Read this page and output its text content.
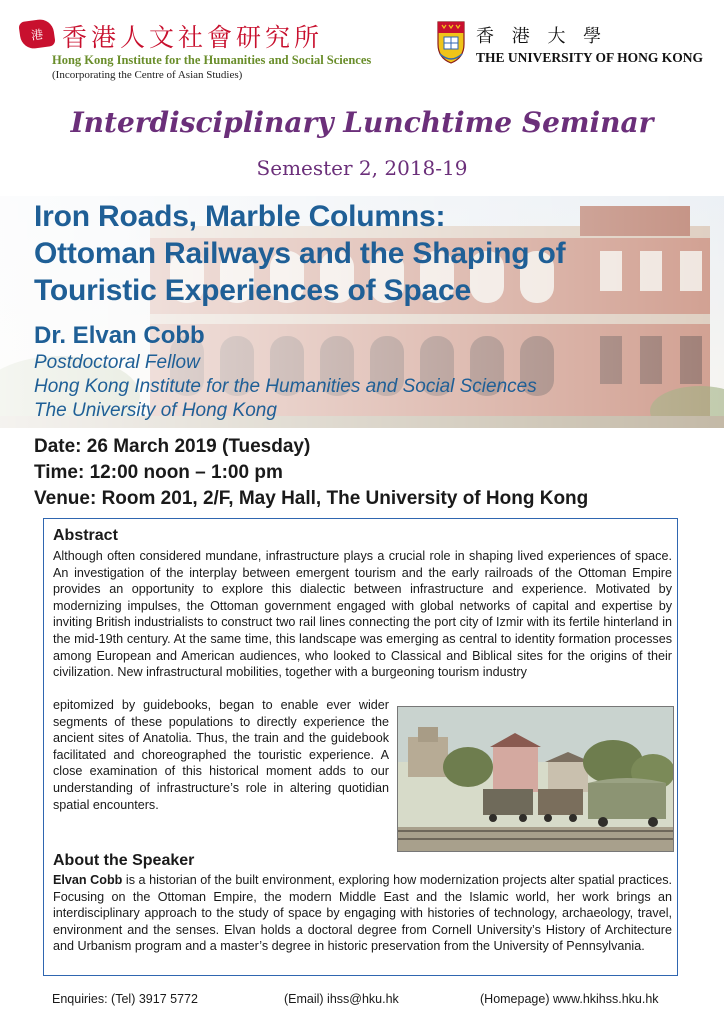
港 香港人文社會研究所
Hong Kong Institute for the Humanities and Social Sciences
(Incorporating the Centre of Asian Studies)
香 港 大 學
THE UNIVERSITY OF HONG KONG
Interdisciplinary Lunchtime Seminar
Semester 2, 2018-19
Iron Roads, Marble Columns:
Ottoman Railways and the Shaping of
Touristic Experiences of Space
Dr. Elvan Cobb
Postdoctoral Fellow
Hong Kong Institute for the Humanities and Social Sciences
The University of Hong Kong
Date: 26 March 2019 (Tuesday)
Time: 12:00 noon – 1:00 pm
Venue: Room 201, 2/F, May Hall, The University of Hong Kong
Abstract

Although often considered mundane, infrastructure plays a crucial role in shaping lived experiences of space. An investigation of the interplay between emergent tourism and the early railroads of the Ottoman Empire provides an opportunity to explore this dialectic between infrastructure and experience. Motivated by modernizing impulses, the Ottoman government engaged with global networks of capital and expertise by inviting British industrialists to construct two rail lines connecting the port city of Izmir with its fertile hinterland in the mid-19th century. At the same time, this landscape was emerging as central to identity formation processes among European and American audiences, who looked to Classical and Biblical sites for the origins of their civilization. New infrastructural mobilities, together with a burgeoning tourism industry

epitomized by guidebooks, began to enable ever wider segments of these populations to directly experience the ancient sites of Anatolia. Thus, the train and the guidebook facilitated and choreographed the touristic experience. A close examination of this historical moment adds to our understanding of infrastructure’s role in altering quotidian spatial encounters.

About the Speaker

Elvan Cobb is a historian of the built environment, exploring how modernization projects alter spatial practices. Focusing on the Ottoman Empire, the modern Middle East and the Islamic world, her work brings an interdisciplinary approach to the study of space by engaging with histories of technology, archaeology, travel, environment and the senses. Elvan holds a doctoral degree from Cornell University’s History of Architecture and Urbanism program and a master’s degree in historic preservation from the University of Pennsylvania.

Enquiries: (Tel) 3917 5772	(Email) ihss@hku.hk	(Homepage) www.hkihss.hku.hk
